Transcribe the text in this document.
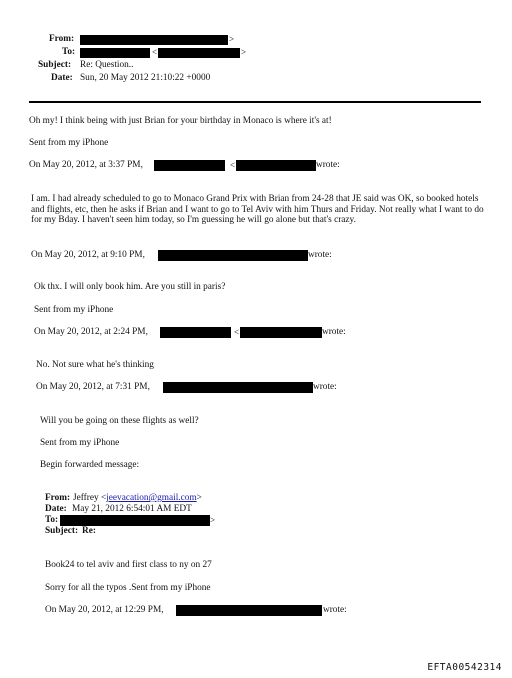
From:	>
To:	<	>
Subject: Re: Question..
Date: Sun, 20 May 2012 21:10:22 +0000
Oh my! I think being with just Brian for your birthday in Monaco is where it's at!
Sent from my iPhone
On May 20, 2012, at 3:37 PM,	<	wrote:
I am. I had already scheduled to go to Monaco Grand Prix with Brian from 24-28 that JE said was OK, so booked hotels and flights, etc, then he asks if Brian and I want to go to Tel Aviv with him Thurs and Friday. Not really what I want to do for my Bday. I haven't seen him today, so I'm guessing he will go alone but that's crazy.
On May 20, 2012, at 9:10 PM,	wrote:
Ok thx. I will only book him. Are you still in paris?
Sent from my iPhone
On May 20, 2012, at 2:24 PM,	<	wrote:
No. Not sure what he's thinking
On May 20, 2012, at 7:31 PM,	wrote:
Will you be going on these flights as well?
Sent from my iPhone
Begin forwarded message:
From: Jeffrey <jeevacation@gmail.com>
Date: May 21, 2012 6:54:01 AM EDT
To:	>
Subject: Re:
Book24 to tel aviv and first class to ny on 27
Sorry for all the typos .Sent from my iPhone
On May 20, 2012, at 12:29 PM,	wrote:
EFTA00542314
